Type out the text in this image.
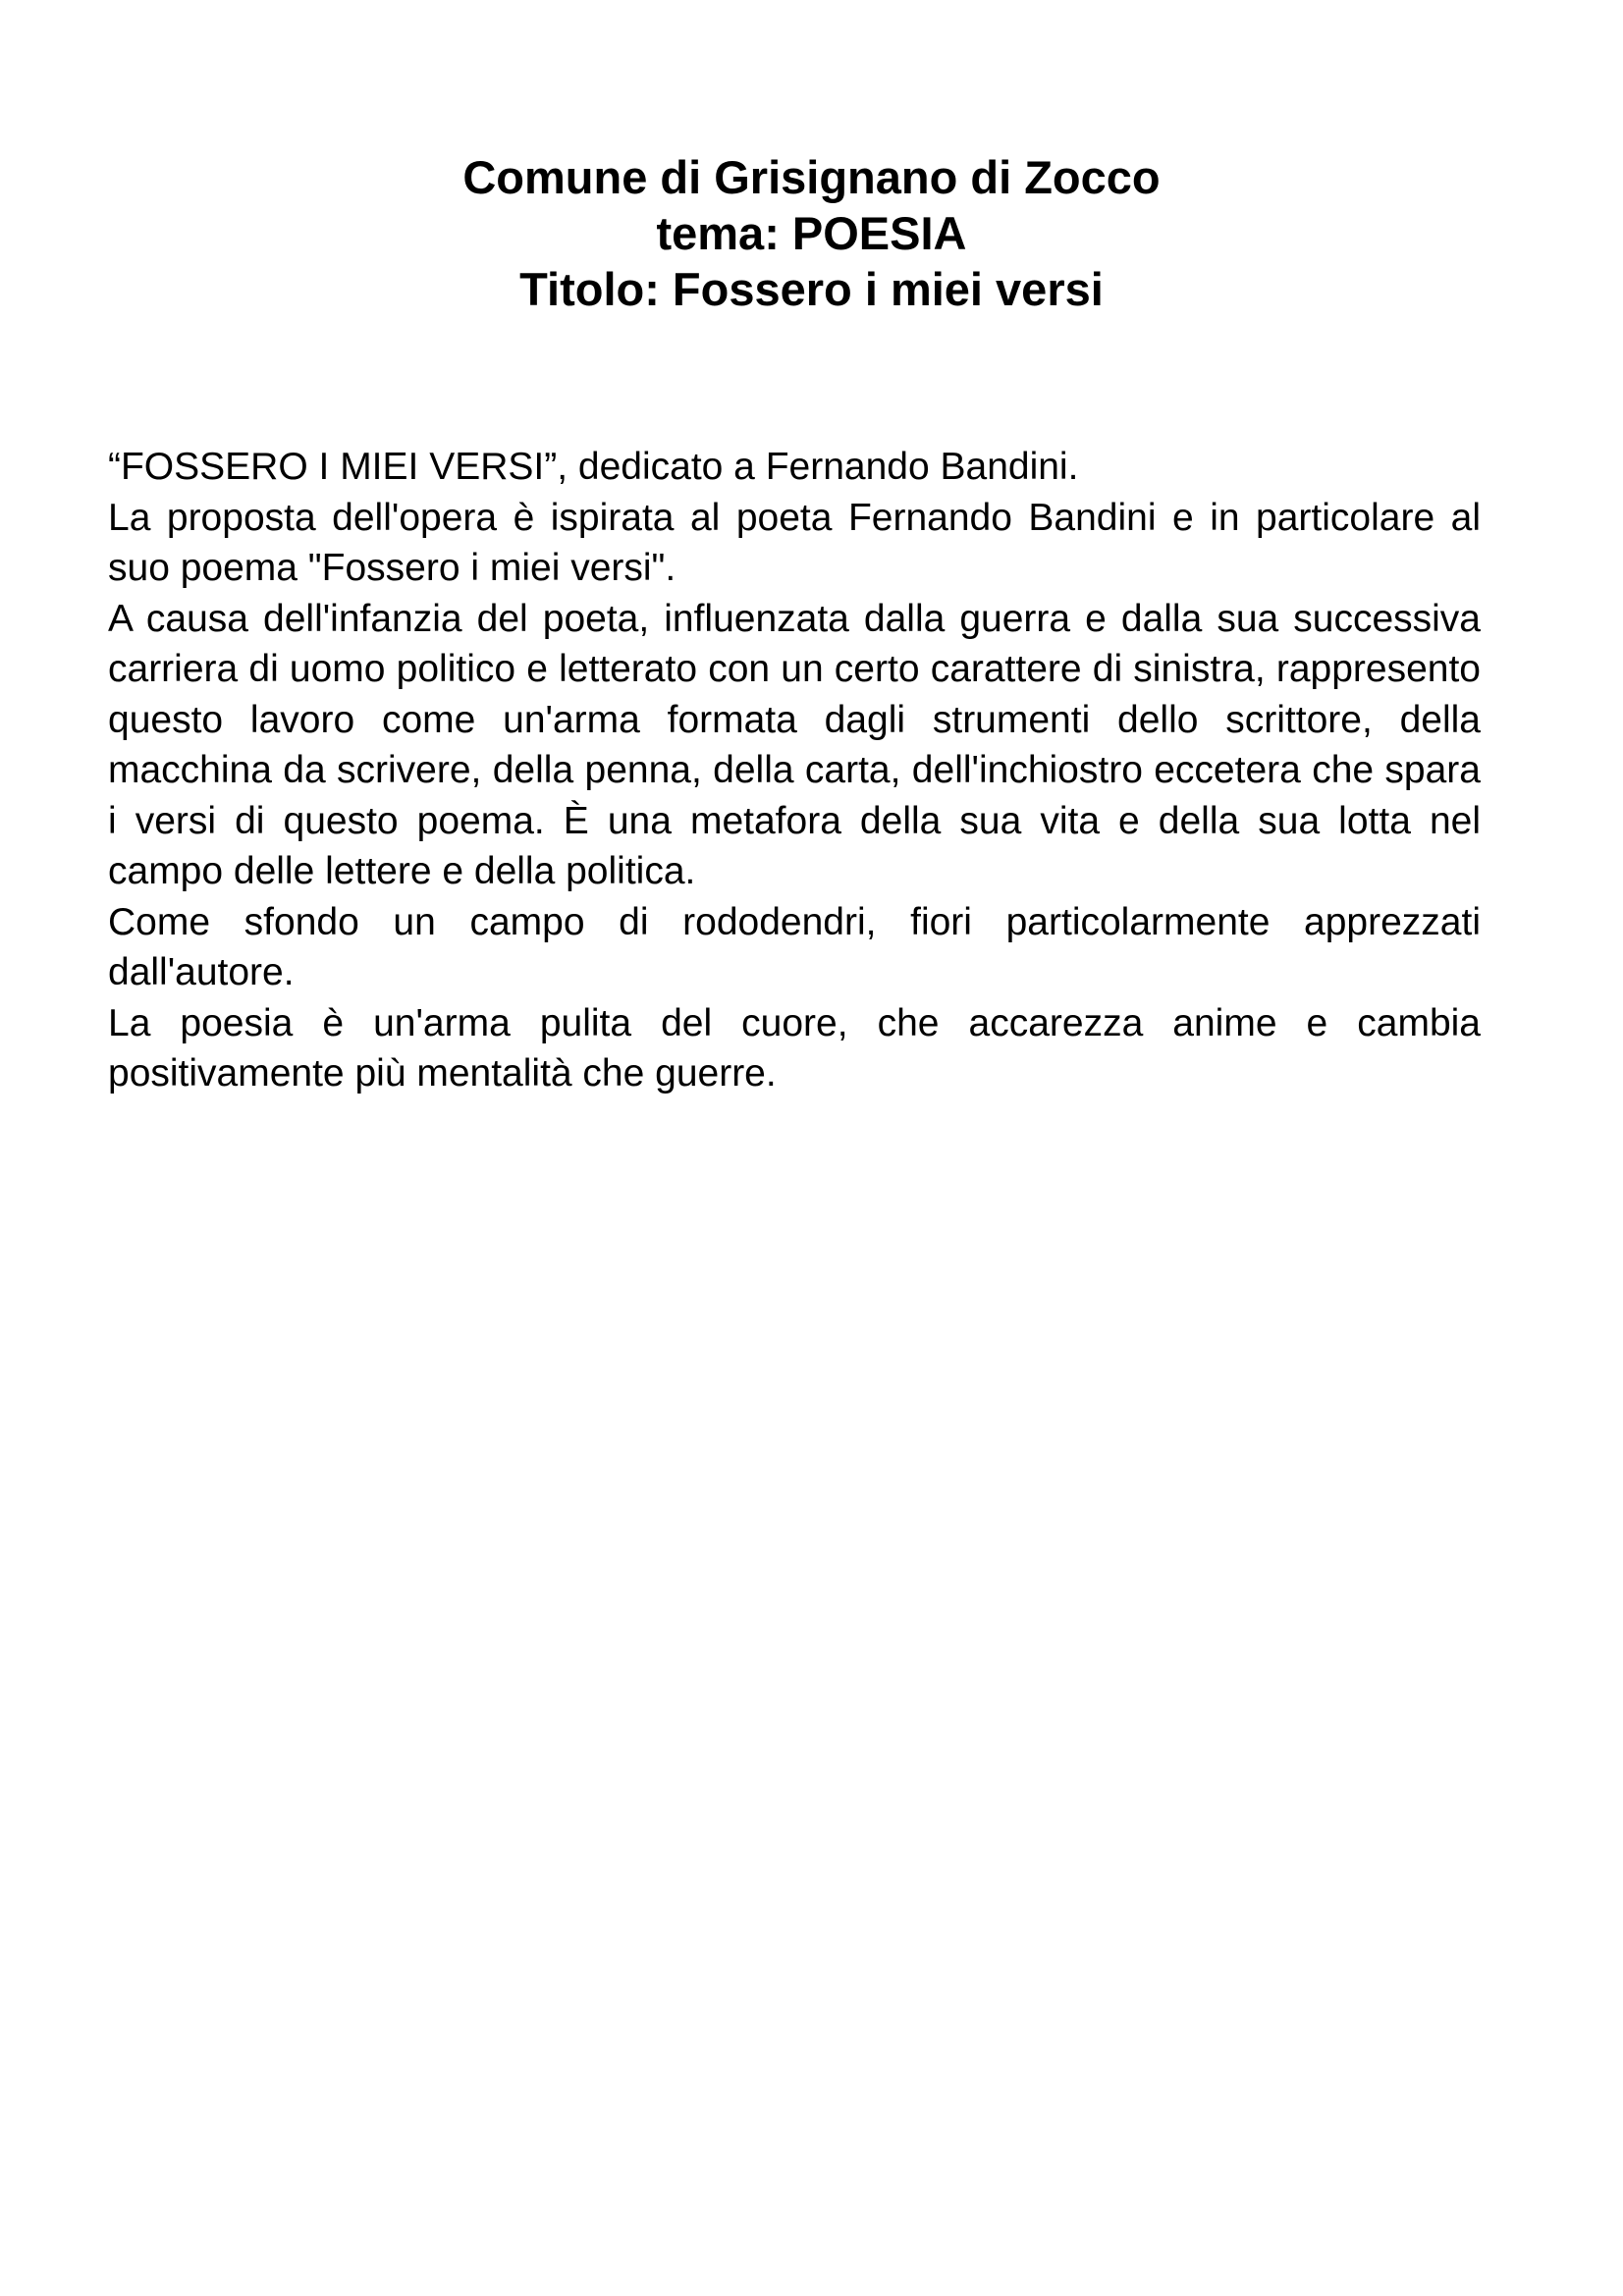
Comune di Grisignano di Zocco
tema: POESIA
Titolo: Fossero i miei versi

“FOSSERO I MIEI VERSI”, dedicato a Fernando Bandini.

La proposta dell'opera è ispirata al poeta Fernando Bandini e in particolare al suo poema "Fossero i miei versi".

A causa dell'infanzia del poeta, influenzata dalla guerra e dalla sua successiva carriera di uomo politico e letterato con un certo carattere di sinistra, rappresento questo lavoro come un'arma formata dagli strumenti dello scrittore, della macchina da scrivere, della penna, della carta, dell'inchiostro eccetera che spara i versi di questo poema. È una metafora della sua vita e della sua lotta nel campo delle lettere e della politica.

Come sfondo un campo di rododendri, fiori particolarmente apprezzati dall'autore.

La poesia è un'arma pulita del cuore, che accarezza anime e cambia positivamente più mentalità che guerre.
